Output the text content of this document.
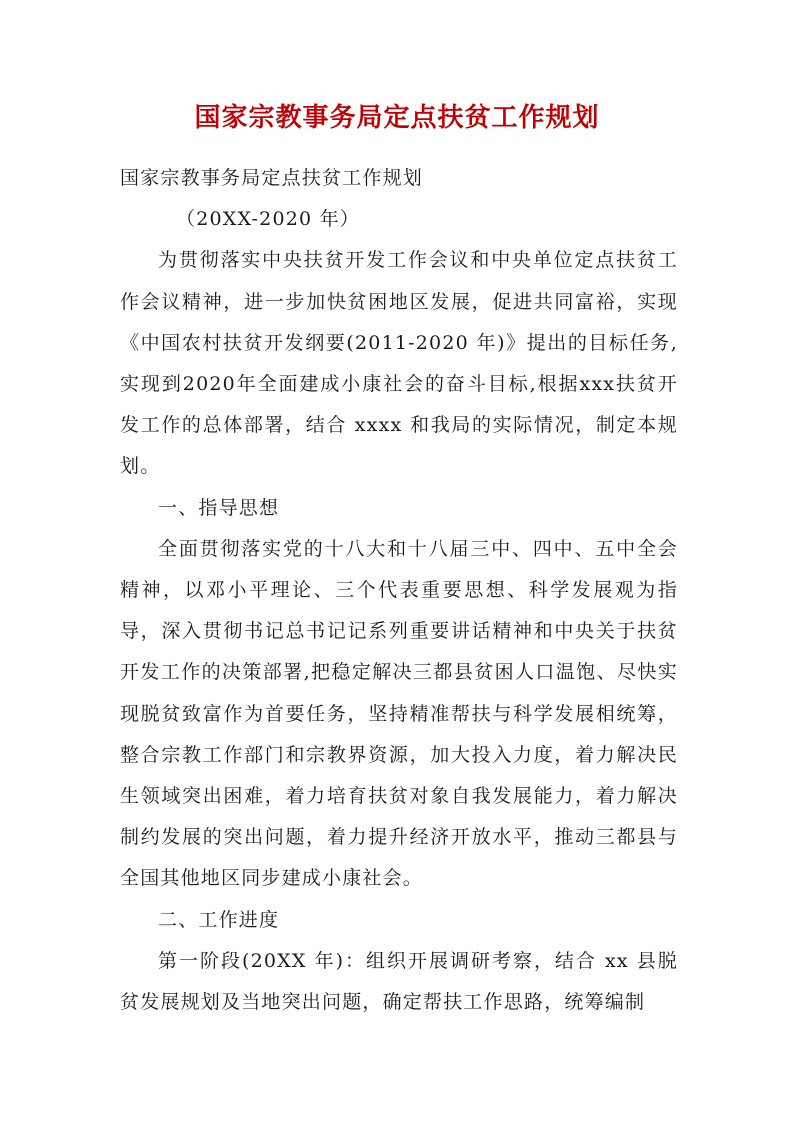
国家宗教事务局定点扶贫工作规划

国家宗教事务局定点扶贫工作规划

（20XX-2020 年）

为贯彻落实中央扶贫开发工作会议和中央单位定点扶贫工作会议精神，进一步加快贫困地区发展，促进共同富裕，实现《中国农村扶贫开发纲要(2011-2020 年)》提出的目标任务,实现到2020年全面建成小康社会的奋斗目标,根据xxx扶贫开发工作的总体部署，结合 xxxx 和我局的实际情况，制定本规划。

一、指导思想

全面贯彻落实党的十八大和十八届三中、四中、五中全会精神，以邓小平理论、三个代表重要思想、科学发展观为指导，深入贯彻书记总书记记系列重要讲话精神和中央关于扶贫开发工作的决策部署,把稳定解决三都县贫困人口温饱、尽快实现脱贫致富作为首要任务，坚持精准帮扶与科学发展相统筹，整合宗教工作部门和宗教界资源，加大投入力度，着力解决民生领域突出困难，着力培育扶贫对象自我发展能力，着力解决制约发展的突出问题，着力提升经济开放水平，推动三都县与全国其他地区同步建成小康社会。

二、工作进度

第一阶段(20XX 年)：组织开展调研考察，结合 xx 县脱贫发展规划及当地突出问题，确定帮扶工作思路，统筹编制
